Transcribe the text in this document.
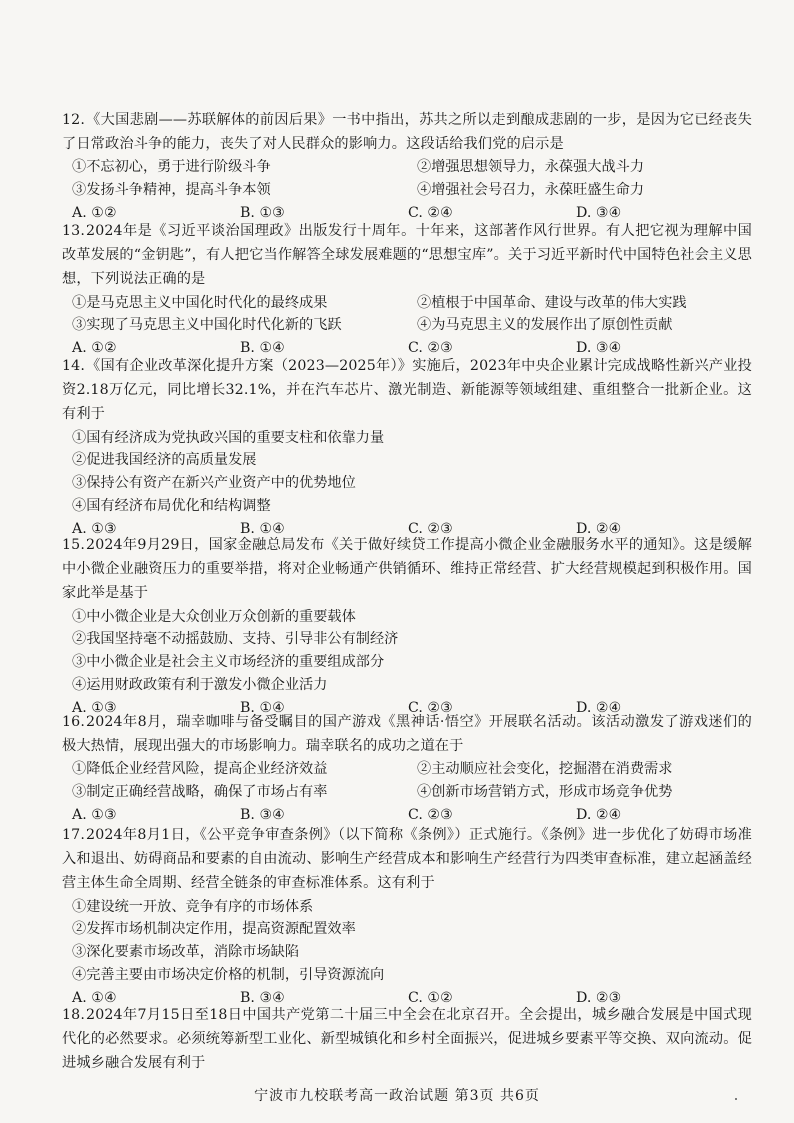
12.《大国悲剧——苏联解体的前因后果》一书中指出，苏共之所以走到酿成悲剧的一步，是因为它已经丧失了日常政治斗争的能力，丧失了对人民群众的影响力。这段话给我们党的启示是
①不忘初心，勇于进行阶级斗争	②增强思想领导力，永葆强大战斗力
③发扬斗争精神，提高斗争本领	④增强社会号召力，永葆旺盛生命力
A. ①②	B. ①③	C. ②④	D. ③④
13.2024年是《习近平谈治国理政》出版发行十周年。十年来，这部著作风行世界。有人把它视为理解中国改革发展的“金钥匙”，有人把它当作解答全球发展难题的“思想宝库”。关于习近平新时代中国特色社会主义思想，下列说法正确的是
①是马克思主义中国化时代化的最终成果	②植根于中国革命、建设与改革的伟大实践
③实现了马克思主义中国化时代化新的飞跃	④为马克思主义的发展作出了原创性贡献
A. ①②	B. ①④	C. ②③	D. ③④
14.《国有企业改革深化提升方案（2023—2025年）》实施后，2023年中央企业累计完成战略性新兴产业投资2.18万亿元，同比增长32.1%，并在汽车芯片、激光制造、新能源等领域组建、重组整合一批新企业。这有利于
①国有经济成为党执政兴国的重要支柱和依靠力量
②促进我国经济的高质量发展
③保持公有资产在新兴产业资产中的优势地位
④国有经济布局优化和结构调整
A. ①③	B. ①④	C. ②③	D. ②④
15.2024年9月29日，国家金融总局发布《关于做好续贷工作提高小微企业金融服务水平的通知》。这是缓解中小微企业融资压力的重要举措，将对企业畅通产供销循环、维持正常经营、扩大经营规模起到积极作用。国家此举是基于
①中小微企业是大众创业万众创新的重要载体
②我国坚持毫不动摇鼓励、支持、引导非公有制经济
③中小微企业是社会主义市场经济的重要组成部分
④运用财政政策有利于激发小微企业活力
A. ①③	B. ①④	C. ②③	D. ②④
16.2024年8月，瑞幸咖啡与备受瞩目的国产游戏《黑神话·悟空》开展联名活动。该活动激发了游戏迷们的极大热情，展现出强大的市场影响力。瑞幸联名的成功之道在于
①降低企业经营风险，提高企业经济效益	②主动顺应社会变化，挖掘潜在消费需求
③制定正确经营战略，确保了市场占有率	④创新市场营销方式，形成市场竞争优势
A. ①③	B. ③④	C. ②③	D. ②④
17.2024年8月1日，《公平竞争审查条例》（以下简称《条例》）正式施行。《条例》进一步优化了妨碍市场准入和退出、妨碍商品和要素的自由流动、影响生产经营成本和影响生产经营行为四类审查标准，建立起涵盖经营主体生命全周期、经营全链条的审查标准体系。这有利于
①建设统一开放、竞争有序的市场体系
②发挥市场机制决定作用，提高资源配置效率
③深化要素市场改革，消除市场缺陷
④完善主要由市场决定价格的机制，引导资源流向
A. ①④	B. ③④	C. ①②	D. ②③
18.2024年7月15日至18日中国共产党第二十届三中全会在北京召开。全会提出，城乡融合发展是中国式现代化的必然要求。必须统筹新型工业化、新型城镇化和乡村全面振兴，促进城乡要素平等交换、双向流动。促进城乡融合发展有利于
宁波市九校联考高一政治试题 第3页 共6页
